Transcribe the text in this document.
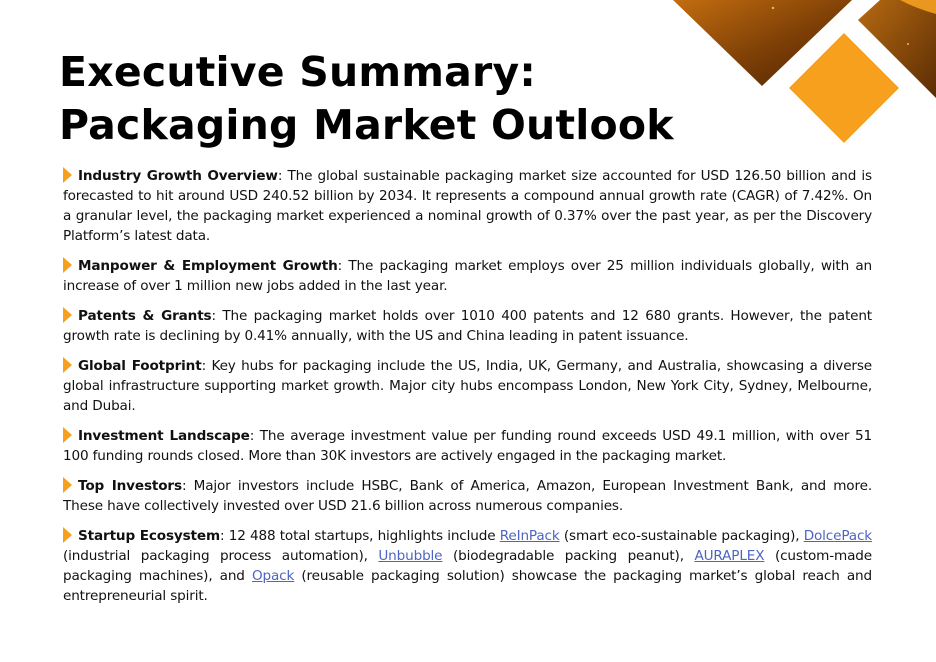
Executive Summary:
Packaging Market Outlook

Industry Growth Overview: The global sustainable packaging market size accounted for USD 126.50 billion and is forecasted to hit around USD 240.52 billion by 2034. It represents a compound annual growth rate (CAGR) of 7.42%. On a granular level, the packaging market experienced a nominal growth of 0.37% over the past year, as per the Discovery Platform’s latest data.

Manpower & Employment Growth: The packaging market employs over 25 million individuals globally, with an increase of over 1 million new jobs added in the last year.

Patents & Grants: The packaging market holds over 1010 400 patents and 12 680 grants. However, the patent growth rate is declining by 0.41% annually, with the US and China leading in patent issuance.

Global Footprint: Key hubs for packaging include the US, India, UK, Germany, and Australia, showcasing a diverse global infrastructure supporting market growth. Major city hubs encompass London, New York City, Sydney, Melbourne, and Dubai.

Investment Landscape: The average investment value per funding round exceeds USD 49.1 million, with over 51 100 funding rounds closed. More than 30K investors are actively engaged in the packaging market.

Top Investors: Major investors include HSBC, Bank of America, Amazon, European Investment Bank, and more. These have collectively invested over USD 21.6 billion across numerous companies.

Startup Ecosystem: 12 488 total startups, highlights include ReInPack (smart eco-sustainable packaging), DolcePack (industrial packaging process automation), Unbubble (biodegradable packing peanut), AURAPLEX (custom-made packaging machines), and Opack (reusable packaging solution) showcase the packaging market’s global reach and entrepreneurial spirit.
